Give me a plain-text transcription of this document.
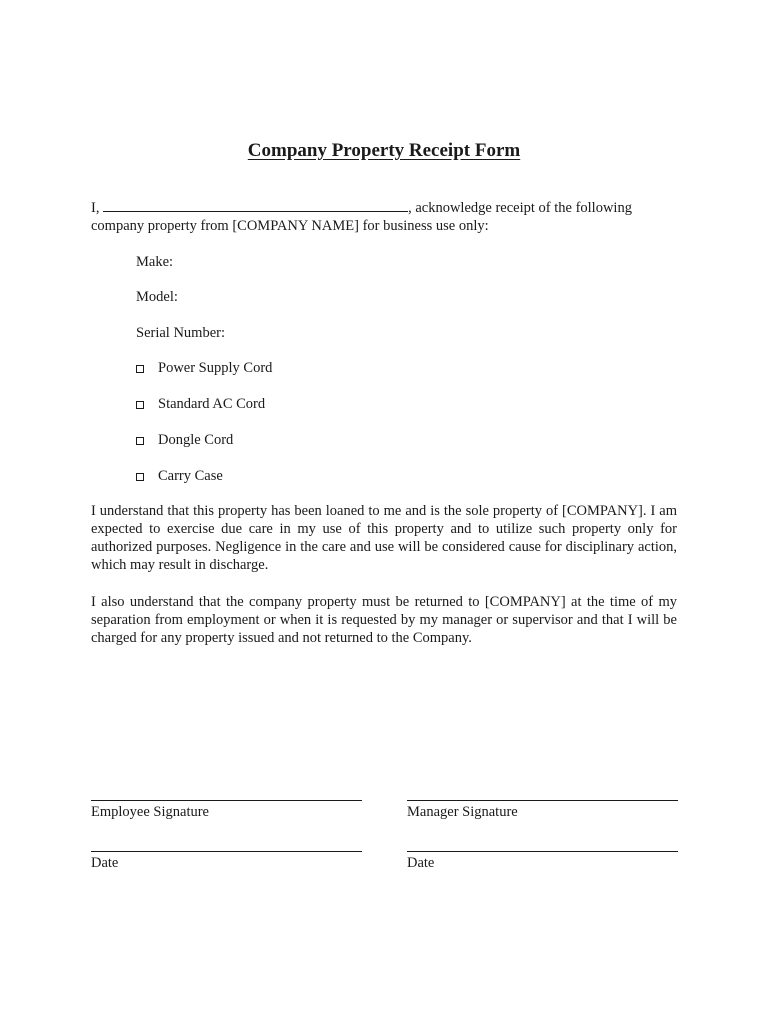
Company Property Receipt Form
I,	, acknowledge receipt of the following
company property from [COMPANY NAME] for business use only:
Make:
Model:
Serial Number:
Power Supply Cord
Standard AC Cord
Dongle Cord
Carry Case
I understand that this property has been loaned to me and is the sole property of [COMPANY]. I am expected to exercise due care in my use of this property and to utilize such property only for authorized purposes. Negligence in the care and use will be considered cause for disciplinary action, which may result in discharge.
I also understand that the company property must be returned to [COMPANY] at the time of my separation from employment or when it is requested by my manager or supervisor and that I will be charged for any property issued and not returned to the Company.
Employee Signature	Manager Signature
Date	Date
